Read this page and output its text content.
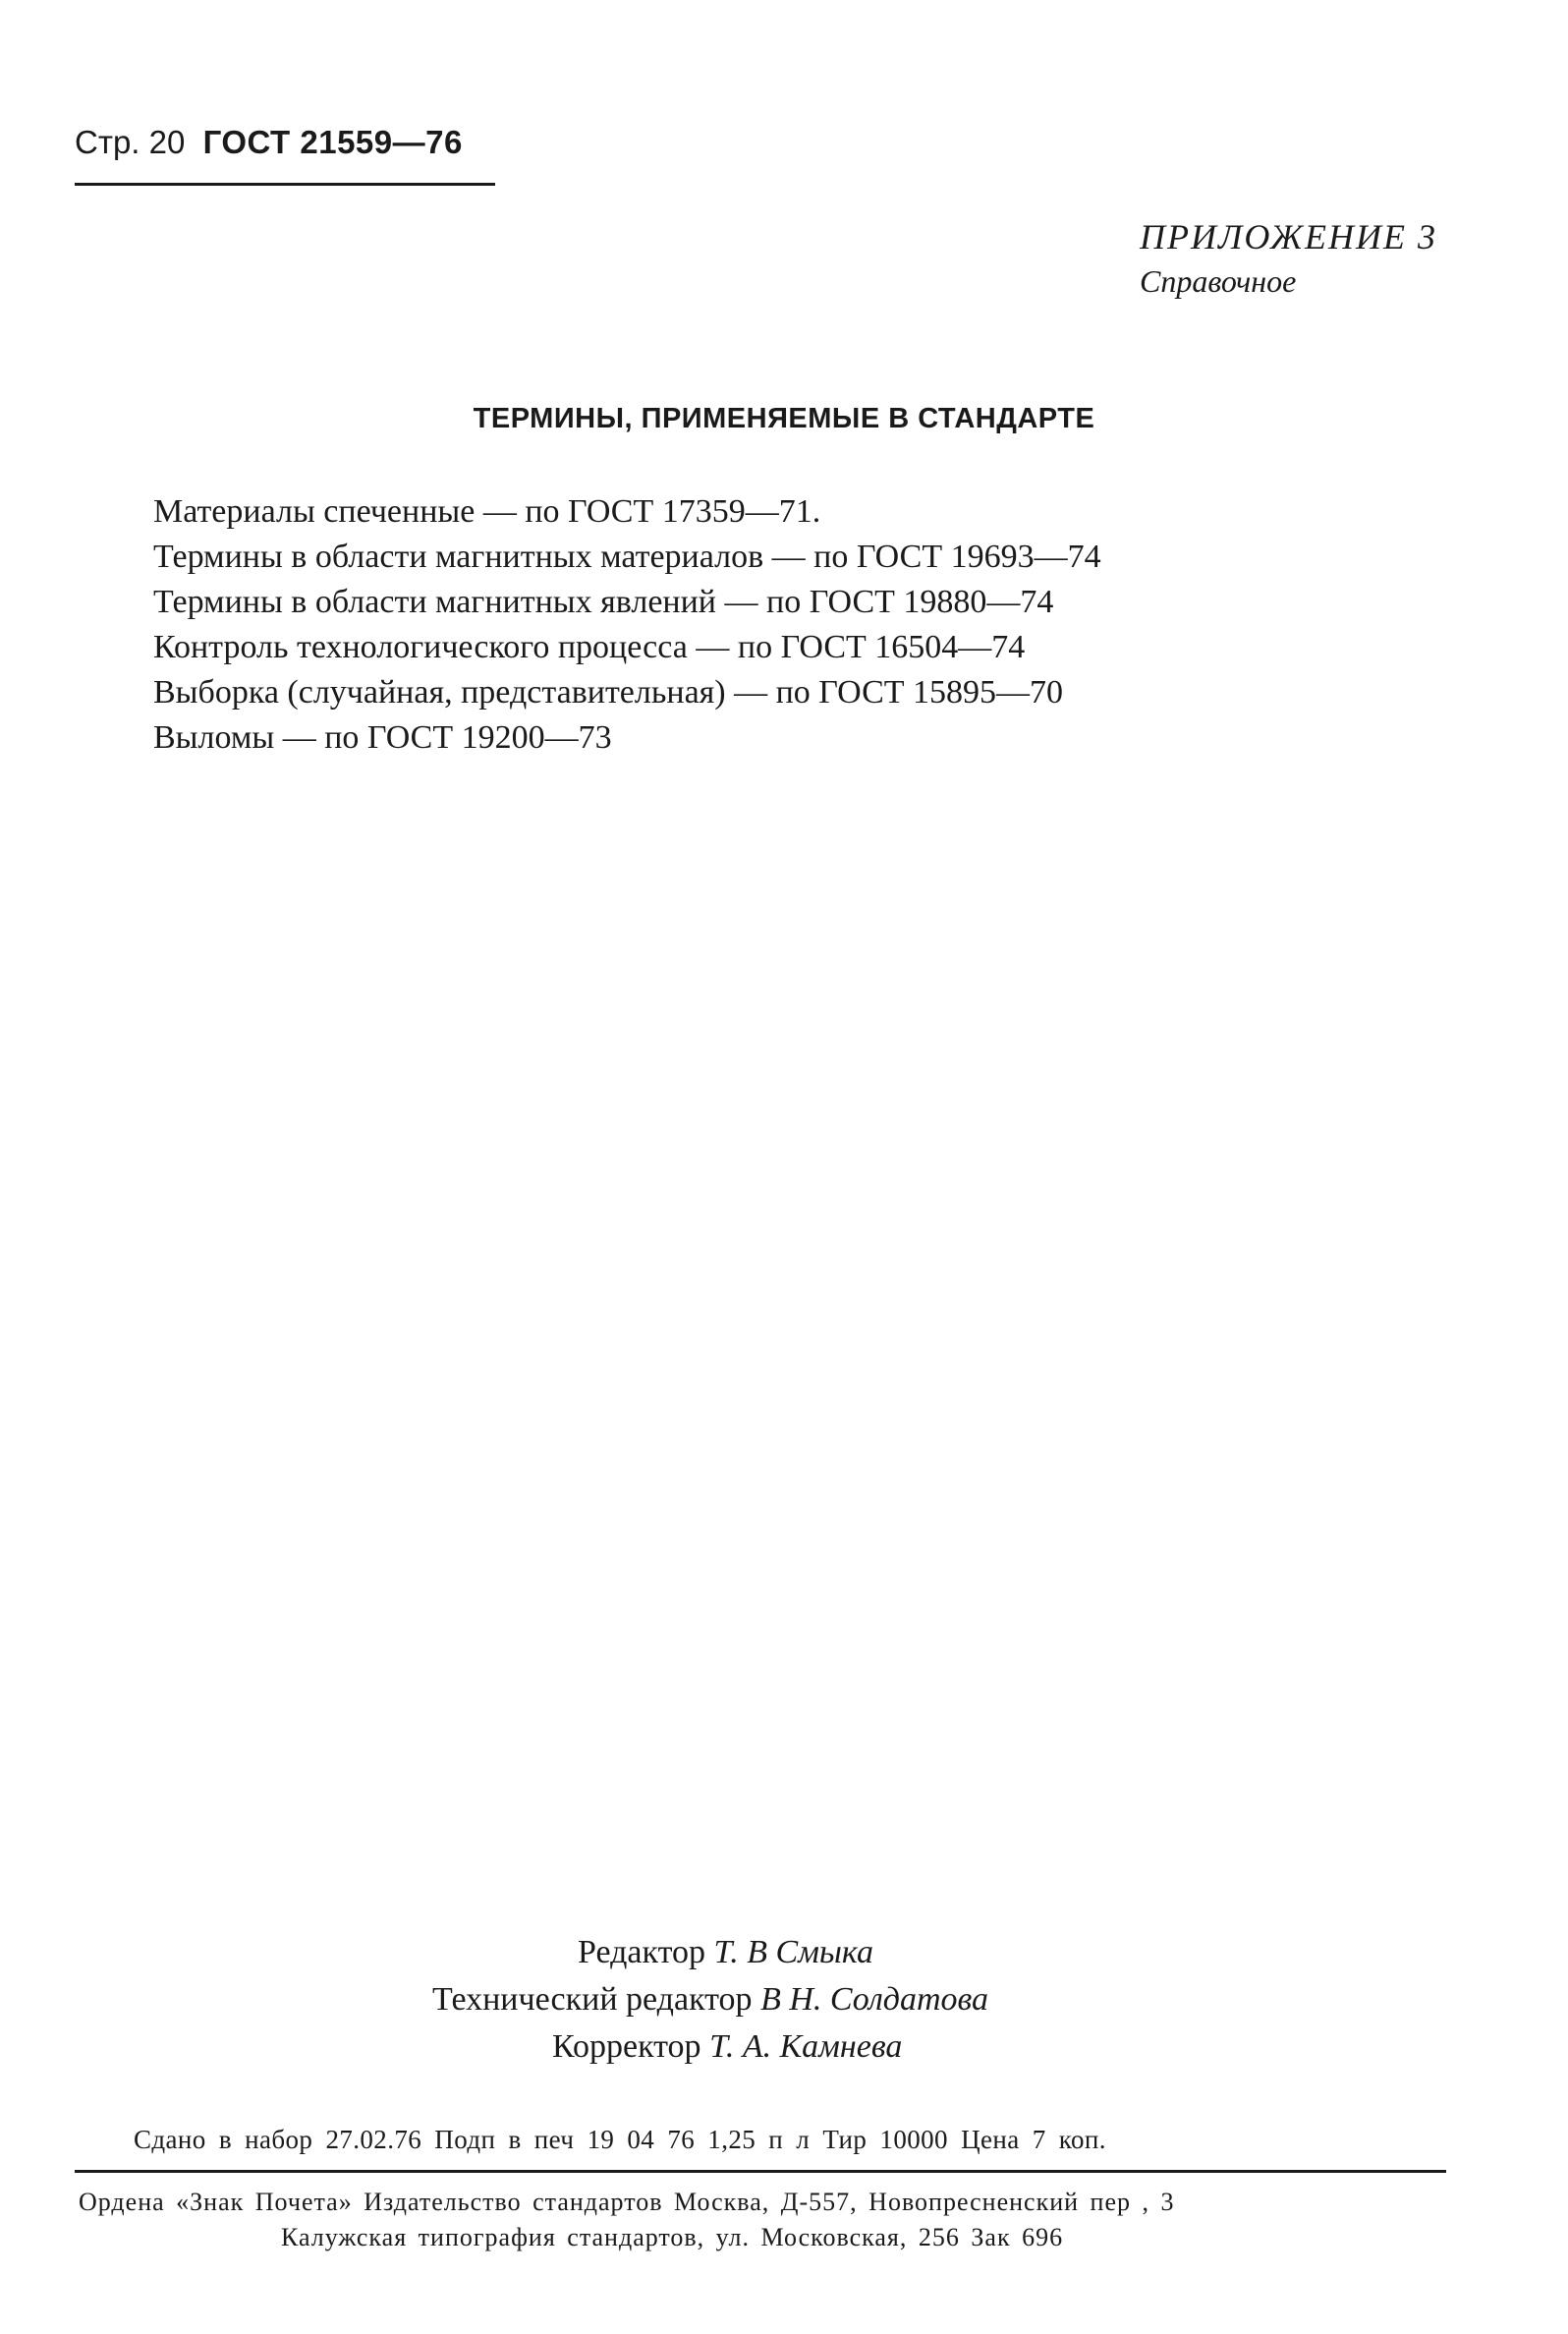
Стр. 20 ГОСТ 21559—76
ПРИЛОЖЕНИЕ 3
Справочное
ТЕРМИНЫ, ПРИМЕНЯЕМЫЕ В СТАНДАРТЕ
Материалы спеченные — по ГОСТ 17359—71.
Термины в области магнитных материалов — по ГОСТ 19693—74
Термины в области магнитных явлений — по ГОСТ 19880—74
Контроль технологического процесса — по ГОСТ 16504—74
Выборка (случайная, представительная) — по ГОСТ 15895—70
Выломы — по ГОСТ 19200—73
Редактор Т. В Смыка
Технический редактор В Н. Солдатова
Корректор Т. А. Камнева
Сдано в набор 27.02.76 Подп в печ 19 04 76 1,25 п л Тир 10000 Цена 7 коп.
Ордена «Знак Почета» Издательство стандартов Москва, Д-557, Новопресненский пер , 3
Калужская типография стандартов, ул. Московская, 256 Зак 696
